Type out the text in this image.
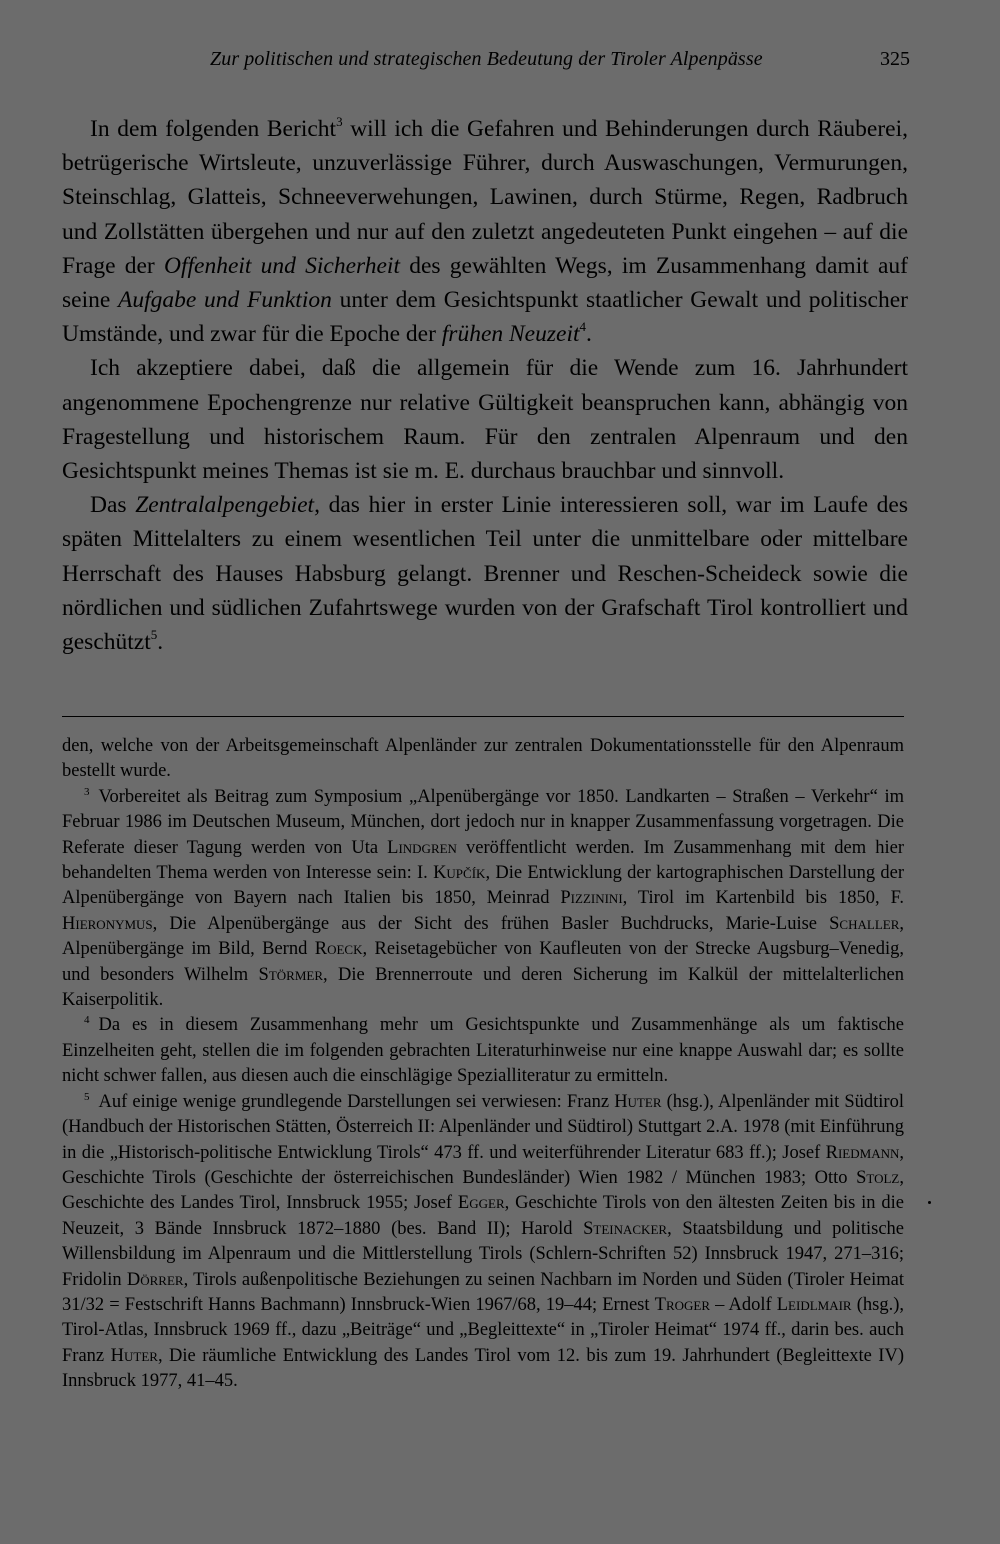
Zur politischen und strategischen Bedeutung der Tiroler Alpenpässe	325

In dem folgenden Bericht$^3$ will ich die Gefahren und Behinderungen durch Räuberei, betrügerische Wirtsleute, unzuverlässige Führer, durch Auswaschungen, Vermurungen, Steinschlag, Glatteis, Schneeverwehungen, Lawinen, durch Stürme, Regen, Radbruch und Zollstätten übergehen und nur auf den zuletzt angedeuteten Punkt eingehen – auf die Frage der Offenheit und Sicherheit des gewählten Wegs, im Zusammenhang damit auf seine Aufgabe und Funktion unter dem Gesichtspunkt staatlicher Gewalt und politischer Umstände, und zwar für die Epoche der frühen Neuzeit$^4$.

Ich akzeptiere dabei, daß die allgemein für die Wende zum 16. Jahrhundert angenommene Epochengrenze nur relative Gültigkeit beanspruchen kann, abhängig von Fragestellung und historischem Raum. Für den zentralen Alpenraum und den Gesichtspunkt meines Themas ist sie m. E. durchaus brauchbar und sinnvoll.

Das Zentralalpengebiet, das hier in erster Linie interessieren soll, war im Laufe des späten Mittelalters zu einem wesentlichen Teil unter die unmittelbare oder mittelbare Herrschaft des Hauses Habsburg gelangt. Brenner und Reschen-Scheideck sowie die nördlichen und südlichen Zufahrtswege wurden von der Grafschaft Tirol kontrolliert und geschützt$^5$.

den, welche von der Arbeitsgemeinschaft Alpenländer zur zentralen Dokumentationsstelle für den Alpenraum bestellt wurde.

$^3$ Vorbereitet als Beitrag zum Symposium „Alpenübergänge vor 1850. Landkarten – Straßen – Verkehr“ im Februar 1986 im Deutschen Museum, München, dort jedoch nur in knapper Zusammenfassung vorgetragen. Die Referate dieser Tagung werden von Uta Lindgren veröffentlicht werden. Im Zusammenhang mit dem hier behandelten Thema werden von Interesse sein: I. Kupčík, Die Entwicklung der kartographischen Darstellung der Alpenübergänge von Bayern nach Italien bis 1850, Meinrad Pizzinini, Tirol im Kartenbild bis 1850, F. Hieronymus, Die Alpenübergänge aus der Sicht des frühen Basler Buchdrucks, Marie-Luise Schaller, Alpenübergänge im Bild, Bernd Roeck, Reisetagebücher von Kaufleuten von der Strecke Augsburg–Venedig, und besonders Wilhelm Störmer, Die Brennerroute und deren Sicherung im Kalkül der mittelalterlichen Kaiserpolitik.

$^4$ Da es in diesem Zusammenhang mehr um Gesichtspunkte und Zusammenhänge als um faktische Einzelheiten geht, stellen die im folgenden gebrachten Literaturhinweise nur eine knappe Auswahl dar; es sollte nicht schwer fallen, aus diesen auch die einschlägige Spezialliteratur zu ermitteln.

$^5$ Auf einige wenige grundlegende Darstellungen sei verwiesen: Franz Huter (hsg.), Alpenländer mit Südtirol (Handbuch der Historischen Stätten, Österreich II: Alpenländer und Südtirol) Stuttgart 2.A. 1978 (mit Einführung in die „Historisch-politische Entwicklung Tirols“ 473 ff. und weiterführender Literatur 683 ff.); Josef Riedmann, Geschichte Tirols (Geschichte der österreichischen Bundesländer) Wien 1982 / München 1983; Otto Stolz, Geschichte des Landes Tirol, Innsbruck 1955; Josef Egger, Geschichte Tirols von den ältesten Zeiten bis in die Neuzeit, 3 Bände Innsbruck 1872–1880 (bes. Band II); Harold Steinacker, Staatsbildung und politische Willensbildung im Alpenraum und die Mittlerstellung Tirols (Schlern-Schriften 52) Innsbruck 1947, 271–316; Fridolin Dörrer, Tirols außenpolitische Beziehungen zu seinen Nachbarn im Norden und Süden (Tiroler Heimat 31/32 = Festschrift Hanns Bachmann) Innsbruck-Wien 1967/68, 19–44; Ernest Troger – Adolf Leidlmair (hsg.), Tirol-Atlas, Innsbruck 1969 ff., dazu „Beiträge“ und „Begleittexte“ in „Tiroler Heimat“ 1974 ff., darin bes. auch Franz Huter, Die räumliche Entwicklung des Landes Tirol vom 12. bis zum 19. Jahrhundert (Begleittexte IV) Innsbruck 1977, 41–45.
